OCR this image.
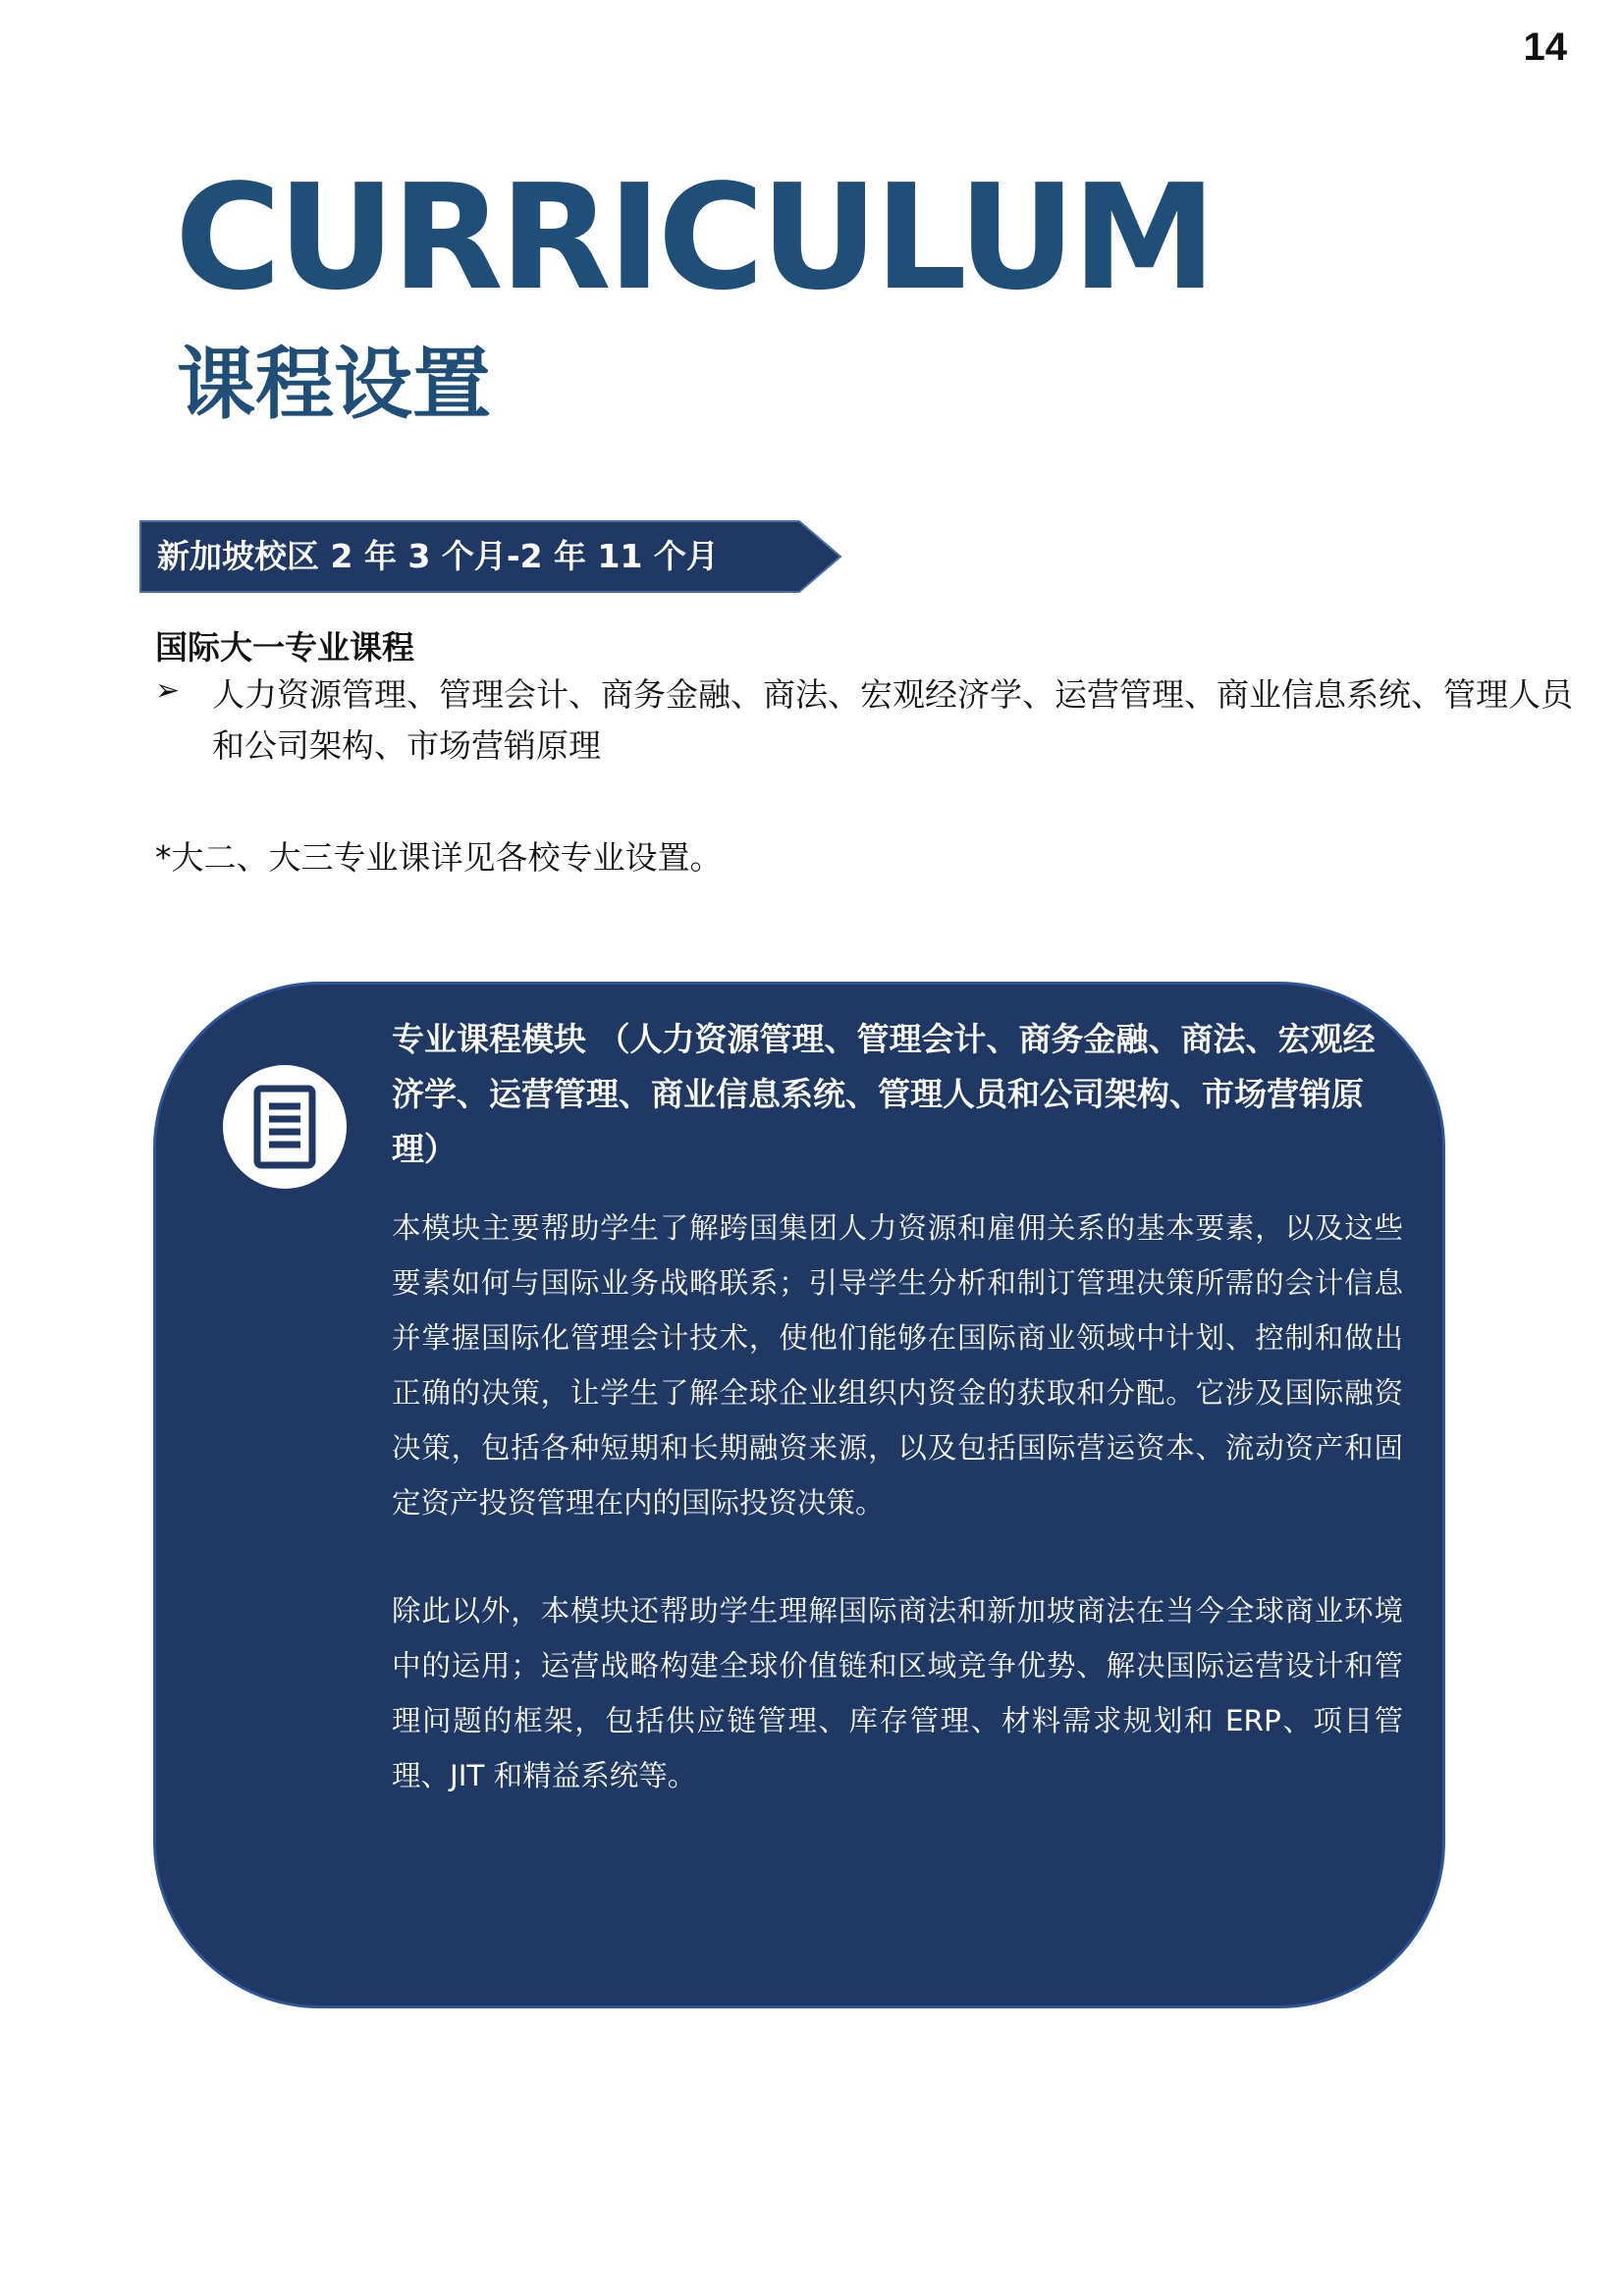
14
CURRICULUM
课程设置
新加坡校区 2 年 3 个月-2 年 11 个月
国际大一专业课程
➢ 人力资源管理、管理会计、商务金融、商法、宏观经济学、运营管理、商业信息系统、管理人员和公司架构、市场营销原理
*大二、大三专业课详见各校专业设置。
专业课程模块 （人力资源管理、管理会计、商务金融、商法、宏观经济学、运营管理、商业信息系统、管理人员和公司架构、市场营销原理）
本模块主要帮助学生了解跨国集团人力资源和雇佣关系的基本要素，以及这些要素如何与国际业务战略联系；引导学生分析和制订管理决策所需的会计信息并掌握国际化管理会计技术，使他们能够在国际商业领域中计划、控制和做出正确的决策，让学生了解全球企业组织内资金的获取和分配。它涉及国际融资决策，包括各种短期和长期融资来源，以及包括国际营运资本、流动资产和固定资产投资管理在内的国际投资决策。
除此以外，本模块还帮助学生理解国际商法和新加坡商法在当今全球商业环境中的运用；运营战略构建全球价值链和区域竞争优势、解决国际运营设计和管理问题的框架，包括供应链管理、库存管理、材料需求规划和 ERP、项目管理、JIT 和精益系统等。
